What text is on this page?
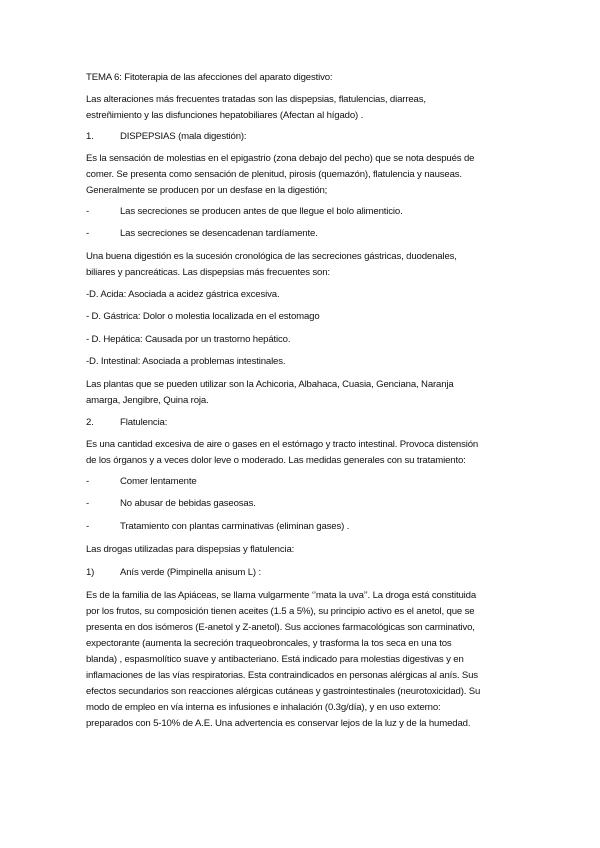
TEMA 6: Fitoterapia de las afecciones del aparato digestivo:
Las alteraciones más frecuentes tratadas son las dispepsias, flatulencias, diarreas,
estreñimiento y las disfunciones hepatobiliares (Afectan al hígado) .
1.	DISPEPSIAS (mala digestión):
Es la sensación de molestias en el epigastrio (zona debajo del pecho) que se nota después de
comer. Se presenta como sensación de plenitud, pirosis (quemazón), flatulencia y nauseas.
Generalmente se producen por un desfase en la digestión;
-	Las secreciones se producen antes de que llegue el bolo alimenticio.
-	Las secreciones se desencadenan tardíamente.
Una buena digestión es la sucesión cronológica de las secreciones gástricas, duodenales,
biliares y pancreáticas. Las dispepsias más frecuentes son:
-D. Acida: Asociada a acidez gástrica excesiva.
- D. Gástrica: Dolor o molestia localizada en el estomago
- D. Hepática: Causada por un trastorno hepático.
-D. Intestinal: Asociada a problemas intestinales.
Las plantas que se pueden utilizar son la Achicoria, Albahaca, Cuasia, Genciana, Naranja
amarga, Jengibre, Quina roja.
2.	Flatulencia:
Es una cantidad excesiva de aire o gases en el estómago y tracto intestinal. Provoca distensión
de los órganos y a veces dolor leve o moderado. Las medidas generales con su tratamiento:
-	Comer lentamente
-	No abusar de bebidas gaseosas.
-	Tratamiento con plantas carminativas (eliminan gases) .
Las drogas utilizadas para dispepsias y flatulencia:
1)	Anís verde (Pimpinella anisum L) :
Es de la familia de las Apiáceas, se llama vulgarmente ‘’mata la uva’’. La droga está constituida
por los frutos, su composición tienen aceites (1.5 a 5%), su principio activo es el anetol, que se
presenta en dos isómeros (E-anetol y Z-anetol). Sus acciones farmacológicas son carminativo,
expectorante (aumenta la secreción traqueobroncales, y trasforma la tos seca en una tos
blanda) , espasmolítico suave y antibacteriano. Está indicado para molestias digestivas y en
inflamaciones de las vías respiratorias. Esta contraindicados en personas alérgicas al anís. Sus
efectos secundarios son reacciones alérgicas cutáneas y gastrointestinales (neurotoxicidad). Su
modo de empleo en vía interna es infusiones e inhalación (0.3g/día), y en uso externo:
preparados con 5-10% de A.E. Una advertencia es conservar lejos de la luz y de la humedad.
